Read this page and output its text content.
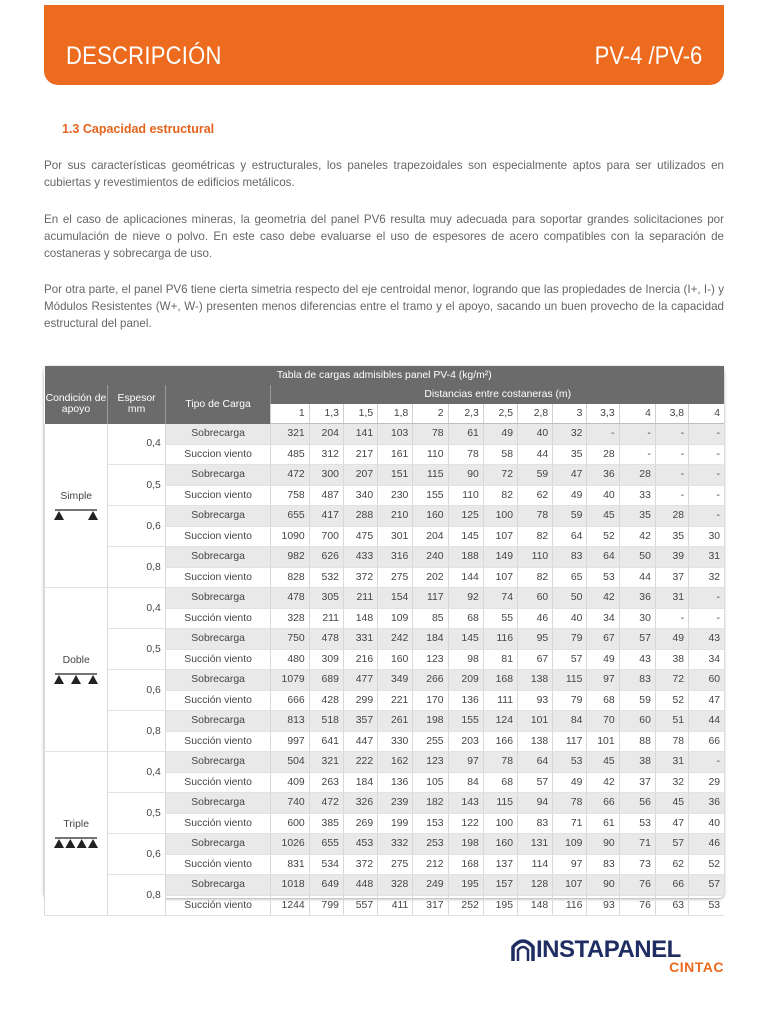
DESCRIPCIÓN	PV-4 /PV-6
1.3 Capacidad estructural

Por sus características geométricas y estructurales, los paneles trapezoidales son especialmente aptos para ser utilizados en cubiertas y revestimientos de edificios metálicos.

En el caso de aplicaciones mineras, la geometria del panel PV6 resulta muy adecuada para soportar grandes solicitaciones por acumulación de nieve o polvo. En este caso debe evaluarse el uso de espesores de acero compatibles con la separación de costaneras y sobrecarga de uso.

Por otra parte, el panel PV6 tiene cierta simetria respecto del eje centroidal menor, logrando que las propiedades de Inercia (I+, I-) y Módulos Resistentes (W+, W-) presenten menos diferencias entre el tramo y el apoyo, sacando un buen provecho de la capacidad estructural del panel.

Tabla de cargas admisibles panel PV-4 (kg/m²)															
Condición de apoyo	Espesor mm	Tipo de Carga	Distancias entre costaneras (m)												
			1	1,3	1,5	1,8	2	2,3	2,5	2,8	3	3,3	4	3,8	4

Simple	0,4	Sobrecarga	321	204	141	103	78	61	49	40	32	-	-	-	-
		Succion viento	485	312	217	161	110	78	58	44	35	28	-	-	-
	0,5	Sobrecarga	472	300	207	151	115	90	72	59	47	36	28	-	-
		Succion viento	758	487	340	230	155	110	82	62	49	40	33	-	-
	0,6	Sobrecarga	655	417	288	210	160	125	100	78	59	45	35	28	-
		Succion viento	1090	700	475	301	204	145	107	82	64	52	42	35	30
	0,8	Sobrecarga	982	626	433	316	240	188	149	110	83	64	50	39	31
		Succion viento	828	532	372	275	202	144	107	82	65	53	44	37	32

Doble	0,4	Sobrecarga	478	305	211	154	117	92	74	60	50	42	36	31	-
		Succión viento	328	211	148	109	85	68	55	46	40	34	30	-	-
	0,5	Sobrecarga	750	478	331	242	184	145	116	95	79	67	57	49	43
		Succión viento	480	309	216	160	123	98	81	67	57	49	43	38	34
	0,6	Sobrecarga	1079	689	477	349	266	209	168	138	115	97	83	72	60
		Succión viento	666	428	299	221	170	136	111	93	79	68	59	52	47
	0,8	Sobrecarga	813	518	357	261	198	155	124	101	84	70	60	51	44
		Succión viento	997	641	447	330	255	203	166	138	117	101	88	78	66

Triple	0,4	Sobrecarga	504	321	222	162	123	97	78	64	53	45	38	31	-
		Succión viento	409	263	184	136	105	84	68	57	49	42	37	32	29
	0,5	Sobrecarga	740	472	326	239	182	143	115	94	78	66	56	45	36
		Succión viento	600	385	269	199	153	122	100	83	71	61	53	47	40
	0,6	Sobrecarga	1026	655	453	332	253	198	160	131	109	90	71	57	46
		Succión viento	831	534	372	275	212	168	137	114	97	83	73	62	52
	0,8	Sobrecarga	1018	649	448	328	249	195	157	128	107	90	76	66	57
		Succión viento	1244	799	557	411	317	252	195	148	116	93	76	63	53
INSTAPANEL
CINTAC
